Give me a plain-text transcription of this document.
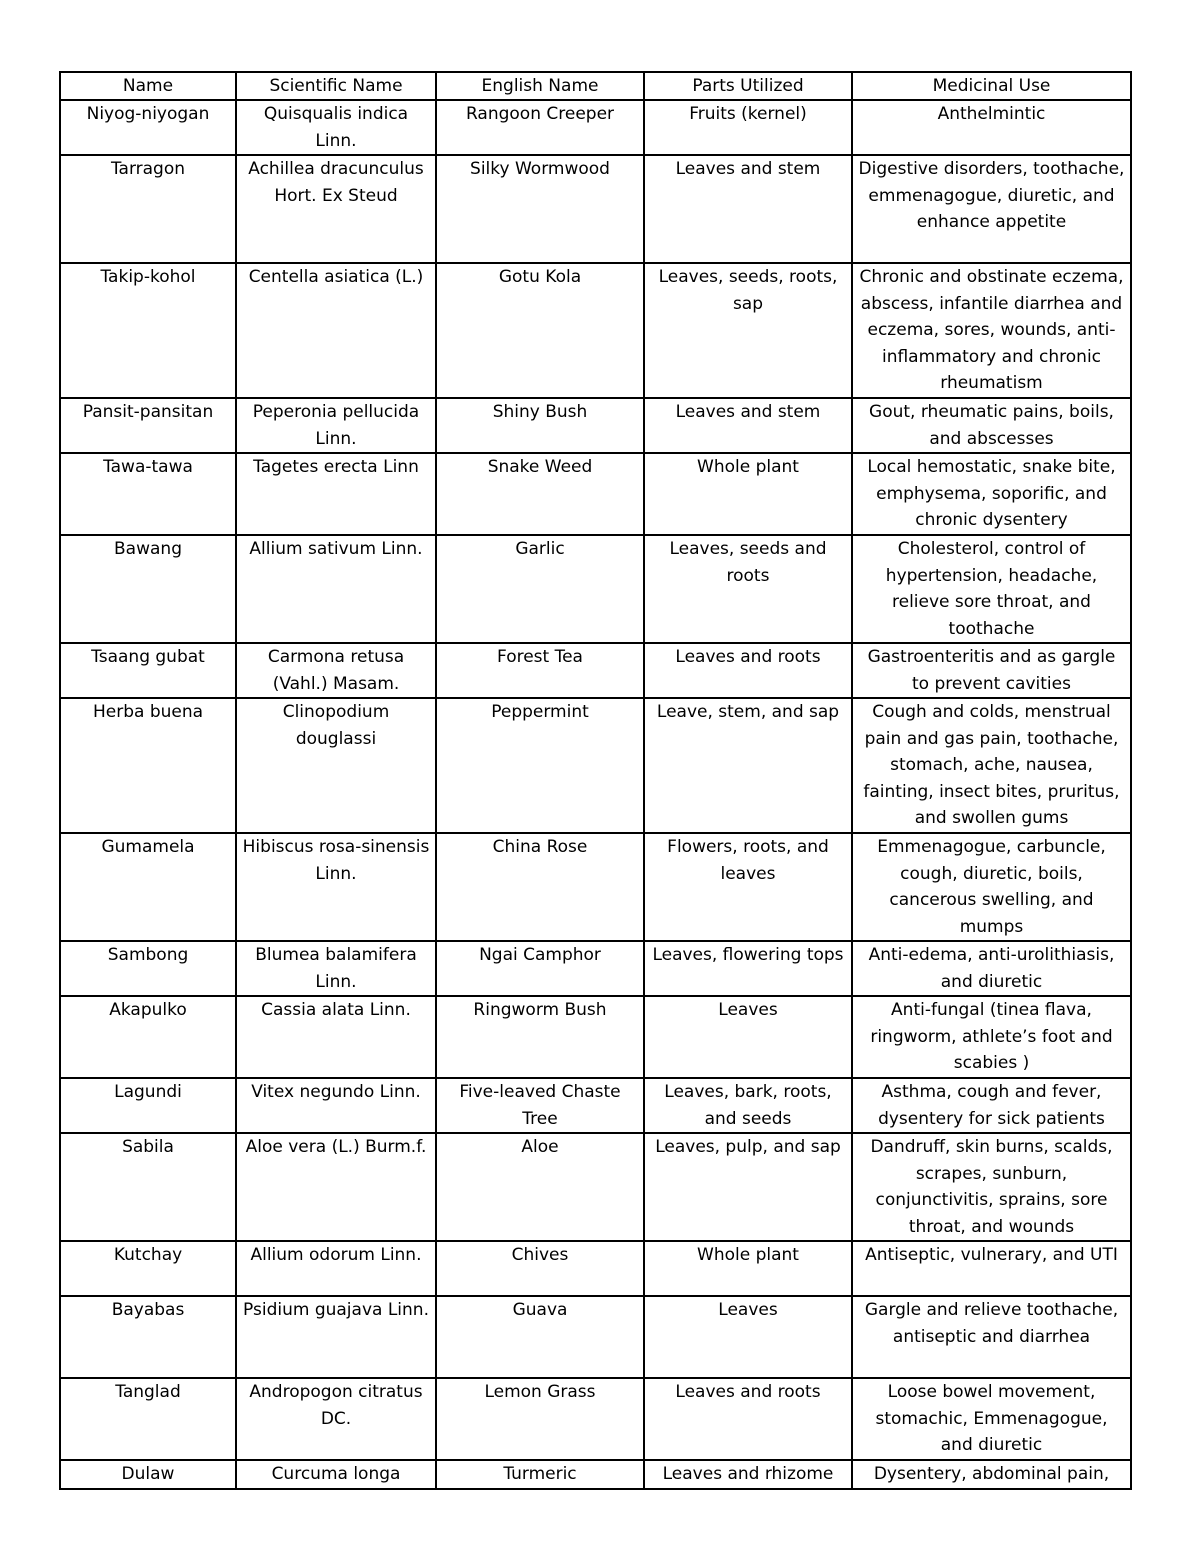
Name	Scientific Name	English Name	Parts Utilized	Medicinal Use
Niyog-niyogan	Quisqualis indica Linn.	Rangoon Creeper	Fruits (kernel)	Anthelmintic
Tarragon	Achillea dracunculus Hort. Ex Steud	Silky Wormwood	Leaves and stem	Digestive disorders, toothache, emmenagogue, diuretic, and enhance appetite
Takip-kohol	Centella asiatica (L.)	Gotu Kola	Leaves, seeds, roots, sap	Chronic and obstinate eczema, abscess, infantile diarrhea and eczema, sores, wounds, anti-inflammatory and chronic rheumatism
Pansit-pansitan	Peperonia pellucida Linn.	Shiny Bush	Leaves and stem	Gout, rheumatic pains, boils, and abscesses
Tawa-tawa	Tagetes erecta Linn	Snake Weed	Whole plant	Local hemostatic, snake bite, emphysema, soporific, and chronic dysentery
Bawang	Allium sativum Linn.	Garlic	Leaves, seeds and roots	Cholesterol, control of hypertension, headache, relieve sore throat, and toothache
Tsaang gubat	Carmona retusa (Vahl.) Masam.	Forest Tea	Leaves and roots	Gastroenteritis and as gargle to prevent cavities
Herba buena	Clinopodium douglassi	Peppermint	Leave, stem, and sap	Cough and colds, menstrual pain and gas pain, toothache, stomach, ache, nausea, fainting, insect bites, pruritus, and swollen gums
Gumamela	Hibiscus rosa-sinensis Linn.	China Rose	Flowers, roots, and leaves	Emmenagogue, carbuncle, cough, diuretic, boils, cancerous swelling, and mumps
Sambong	Blumea balamifera Linn.	Ngai Camphor	Leaves, flowering tops	Anti-edema, anti-urolithiasis, and diuretic
Akapulko	Cassia alata Linn.	Ringworm Bush	Leaves	Anti-fungal (tinea flava, ringworm, athlete’s foot and scabies )
Lagundi	Vitex negundo Linn.	Five-leaved Chaste Tree	Leaves, bark, roots, and seeds	Asthma, cough and fever, dysentery for sick patients
Sabila	Aloe vera (L.) Burm.f.	Aloe	Leaves, pulp, and sap	Dandruff, skin burns, scalds, scrapes, sunburn, conjunctivitis, sprains, sore throat, and wounds
Kutchay	Allium odorum Linn.	Chives	Whole plant	Antiseptic, vulnerary, and UTI
Bayabas	Psidium guajava Linn.	Guava	Leaves	Gargle and relieve toothache, antiseptic and diarrhea
Tanglad	Andropogon citratus DC.	Lemon Grass	Leaves and roots	Loose bowel movement, stomachic, Emmenagogue, and diuretic
Dulaw	Curcuma longa	Turmeric	Leaves and rhizome	Dysentery, abdominal pain,
